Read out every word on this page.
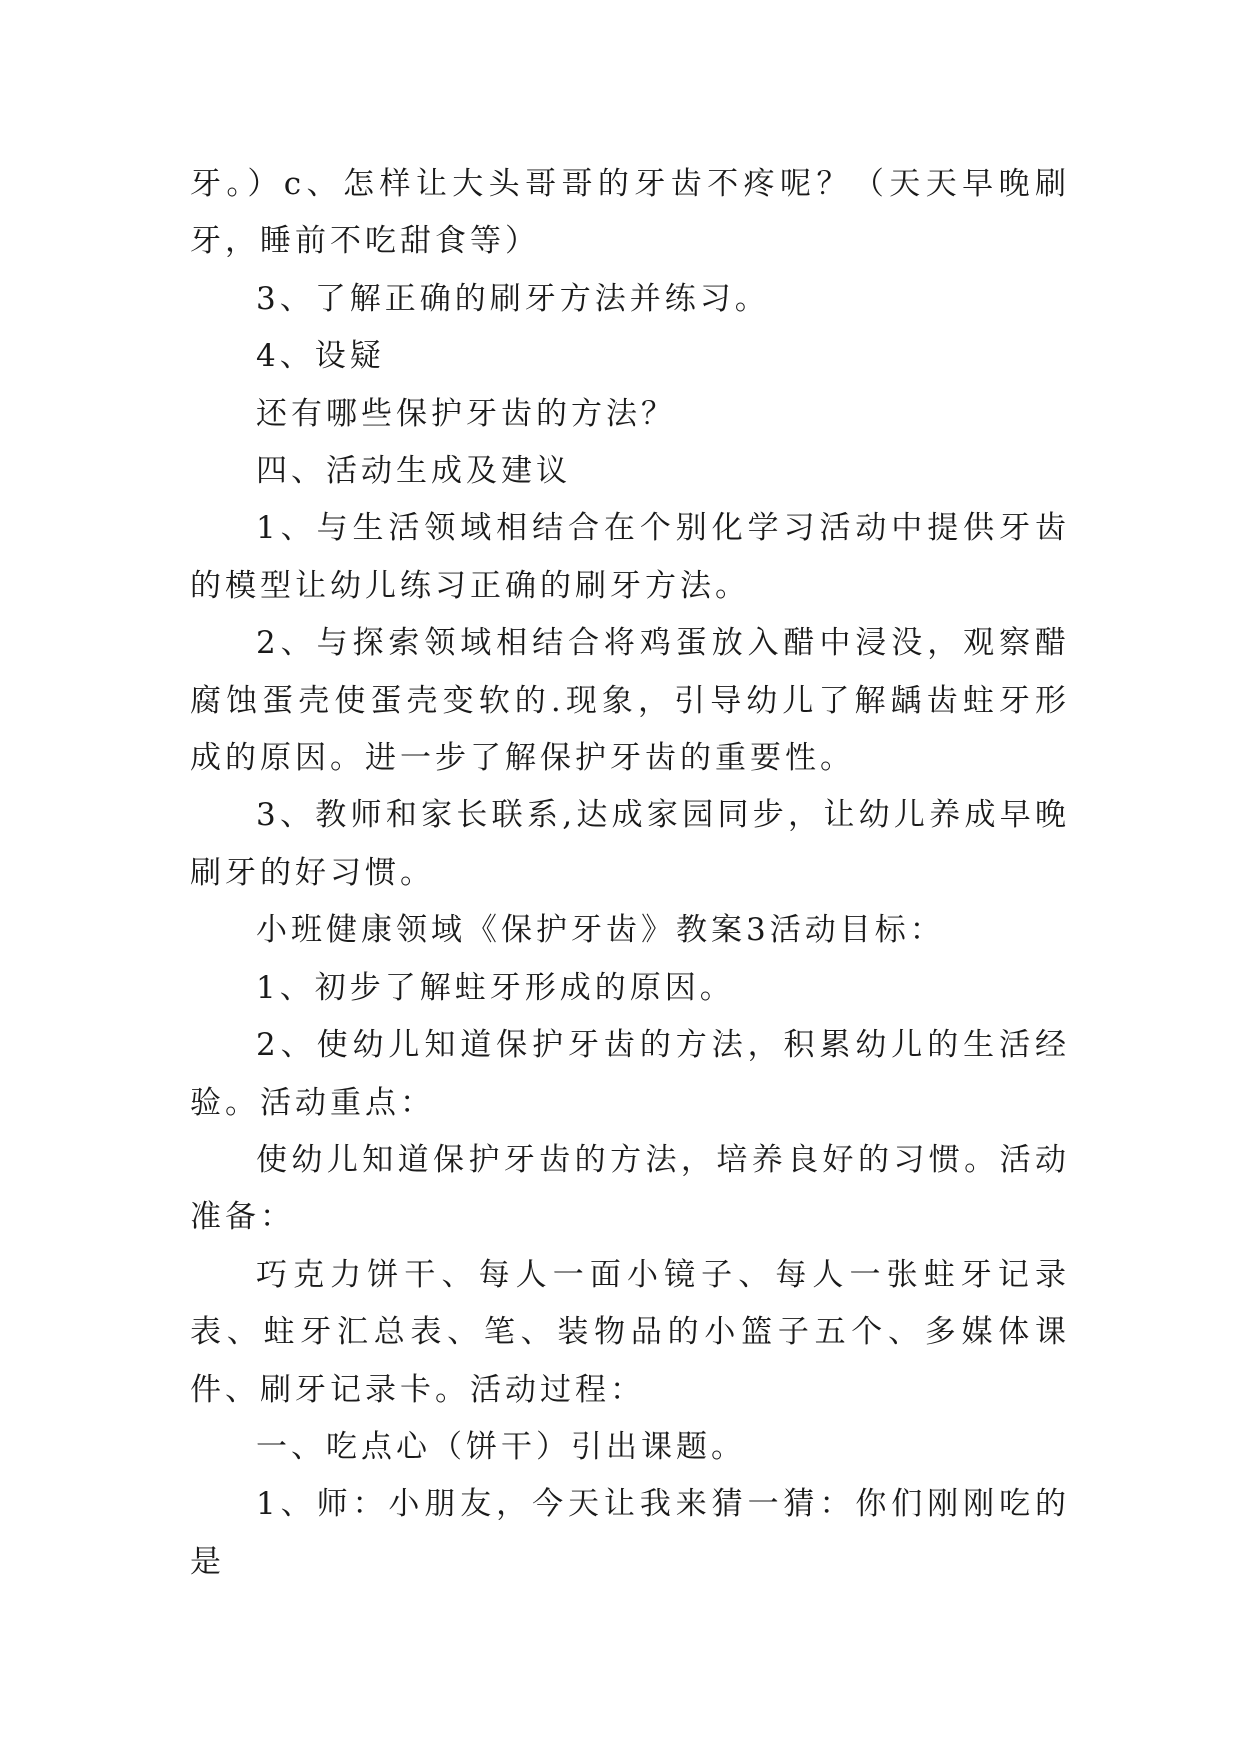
牙。）c、怎样让大头哥哥的牙齿不疼呢？（天天早晚刷牙，睡前不吃甜食等）

3、了解正确的刷牙方法并练习。

4、设疑

还有哪些保护牙齿的方法？

四、活动生成及建议

1、与生活领域相结合在个别化学习活动中提供牙齿的模型让幼儿练习正确的刷牙方法。

2、与探索领域相结合将鸡蛋放入醋中浸没，观察醋腐蚀蛋壳使蛋壳变软的.现象，引导幼儿了解龋齿蛀牙形成的原因。进一步了解保护牙齿的重要性。

3、教师和家长联系,达成家园同步，让幼儿养成早晚刷牙的好习惯。

小班健康领域《保护牙齿》教案3活动目标：

1、初步了解蛀牙形成的原因。

2、使幼儿知道保护牙齿的方法，积累幼儿的生活经验。活动重点：

使幼儿知道保护牙齿的方法，培养良好的习惯。活动准备：

巧克力饼干、每人一面小镜子、每人一张蛀牙记录表、蛀牙汇总表、笔、装物品的小篮子五个、多媒体课件、刷牙记录卡。活动过程：

一、吃点心（饼干）引出课题。

1、师：小朋友，今天让我来猜一猜：你们刚刚吃的是
